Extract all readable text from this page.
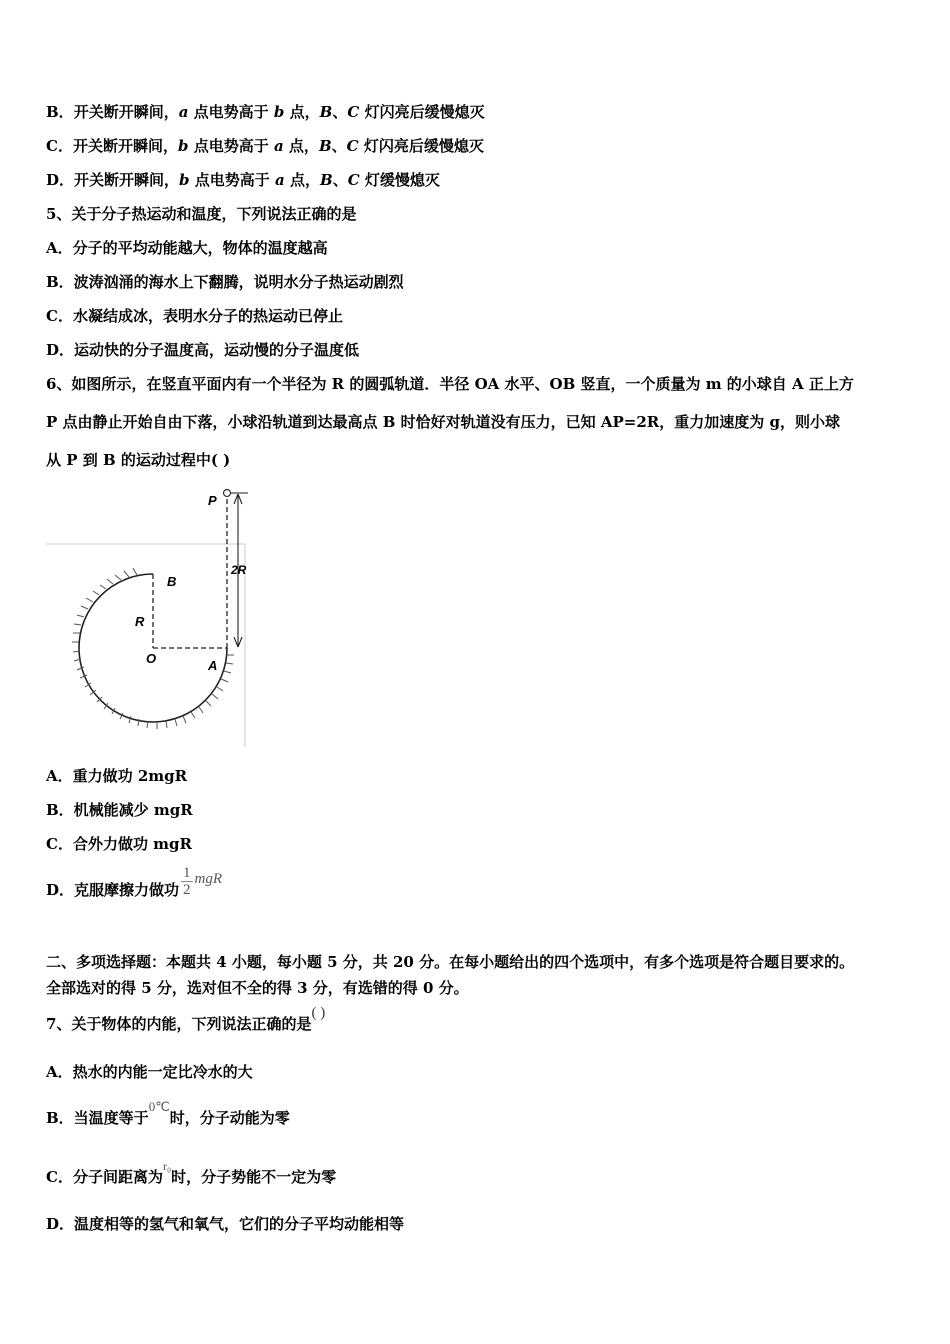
B．开关断开瞬间，a 点电势高于 b 点，B、C 灯闪亮后缓慢熄灭
C．开关断开瞬间，b 点电势高于 a 点，B、C 灯闪亮后缓慢熄灭
D．开关断开瞬间，b 点电势高于 a 点，B、C 灯缓慢熄灭
5、关于分子热运动和温度，下列说法正确的是
A．分子的平均动能越大，物体的温度越高
B．波涛汹涌的海水上下翻腾，说明水分子热运动剧烈
C．水凝结成冰，表明水分子的热运动已停止
D．运动快的分子温度高，运动慢的分子温度低
6、如图所示，在竖直平面内有一个半径为 R 的圆弧轨道．半径 OA 水平、OB 竖直，一个质量为 m 的小球自 A 正上方
P 点由静止开始自由下落，小球沿轨道到达最高点 B 时恰好对轨道没有压力，已知 AP=2R，重力加速度为 g，则小球
从 P 到 B 的运动过程中( )
P
2R
B
R
O	A
A．重力做功 2mgR
B．机械能减少 mgR
C．合外力做功 mgR
D．克服摩擦力做功 $\frac{1}{2}$ mgR
二、多项选择题：本题共 4 小题，每小题 5 分，共 20 分。在每小题给出的四个选项中，有多个选项是符合题目要求的。
全部选对的得 5 分，选对但不全的得 3 分，有选错的得 0 分。
7、关于物体的内能，下列说法正确的是( )
A．热水的内能一定比冷水的大
B．当温度等于0℃时，分子动能为零
C．分子间距离为$^{r_0}$时，分子势能不一定为零
D．温度相等的氢气和氧气，它们的分子平均动能相等
